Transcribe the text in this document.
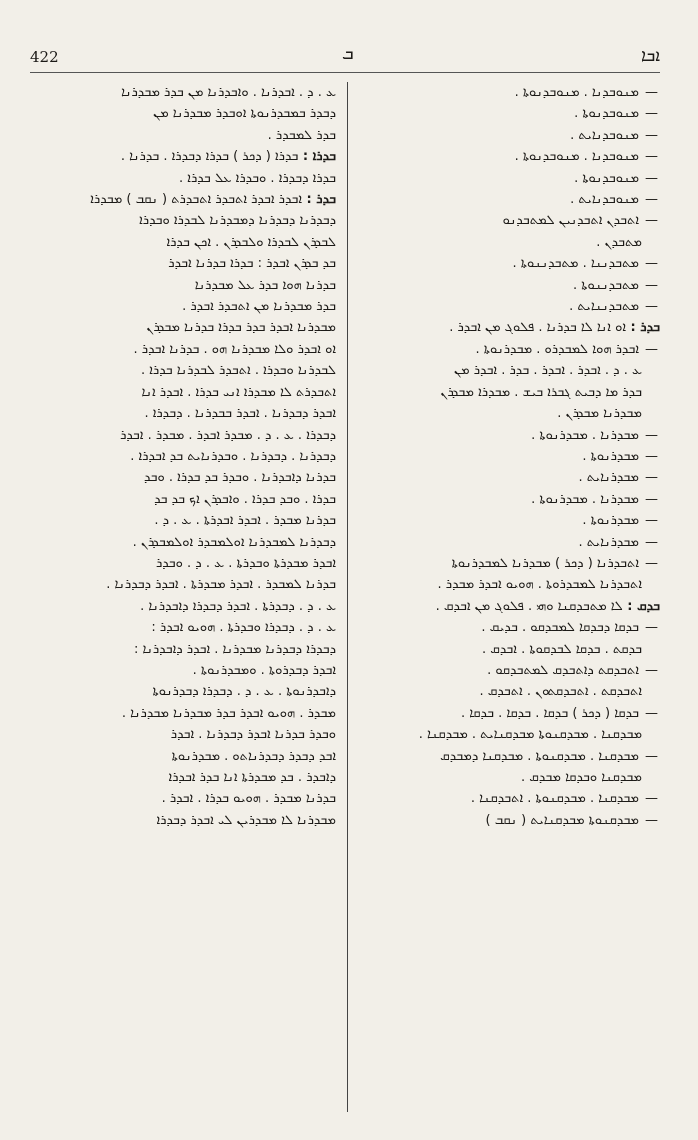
422	ܒ	ܐܒܐ

—ܡܢܘܒܕܢܐ . ܡܢܘܒܕܢܘܬܐ .

—ܡܢܘܒܕܢܘܬܐ .

—ܡܢܘܒܕܢܐܝܬ .

—ܡܢܘܒܕܢܐ . ܡܢܘܒܕܢܘܬܐ .

—ܡܢܘܒܕܢܘܬܐ .

—ܡܢܘܒܕܢܐܝܬ .

—ܐܬܒܕܢ ܐܬܒܕܢܝܢ ܠܡܬܒܕܢܘ

ܡܬܒܕܢ .

—ܡܬܒܕܢܢܐ . ܡܬܒܕܢܢܘܬܐ .

—ܡܬܒܕܢܢܘܬܐ .

—ܡܬܒܕܢܢܐܝܬ .

ܒܕܪ : ܐܘ ܐܢܐ ܠܐ ܒܕܪܢܐ . ܦܠܘܓ ܡܢ ܐܒܕܪ .

—ܐܒܕܪ ܗܘܐ ܠܡܒܕܪܘ . ܡܒܕܪܢܘܬܐ .

ܥ . ܕ . ܐܒܕܪ . ܐܒܕܪ . ܒܕܪ . ܐܒܕܪ ܡܢ

ܒܕܪ ܡܐ ܕܒܝܬ ܓܒܪܐ ܒܝܫ . ܡܒܕܪܐ ܡܒܕܪܢ

ܡܒܕܪܢܐ ܡܒܕܪܢ .

—ܡܒܕܪܢܐ . ܡܒܕܪܢܘܬܐ .

—ܡܒܕܪܢܘܬܐ .

—ܡܒܕܪܢܐܝܬ .

—ܡܒܕܪܢܐ . ܡܒܕܪܢܘܬܐ .

—ܡܒܕܪܢܘܬܐ .

—ܡܒܕܪܢܐܝܬ .

—ܐܬܒܕܪܢܐ ( ܕܟܪ ) ܡܒܕܪܢܐ ܠܡܒܕܪܢܘܬܐ

ܐܬܒܕܪܢܐ ܠܡܒܕܪܘܬܐ . ܗܘܝܘ ܐܒܕܪ ܡܒܕܪ .

ܒܕܩ : ܠܐ ܡܬܒܕܩܢܐ ܘܗܝ . ܦܠܘܓ ܡܢ ܐܒܕܩ .

—ܒܕܩܐ ܕܒܕܩܐ ܠܡܒܕܩܘ . ܒܕܝܩ .

ܒܕܩܬ . ܒܕܩܐ ܠܒܕܩܘܬܐ . ܐܒܕܩ .

—ܐܬܒܕܩܬ ܕܐܬܒܕܩ ܠܡܬܒܕܩܘ .

ܐܬܒܕܩܬ . ܐܬܒܕܩܬܘܢ . ܐܬܒܕܩ .

—ܒܕܩܐ ( ܕܟܪ ) ܒܕܩܐ . ܒܕܩܐ . ܒܕܩܐ .

ܡܒܕܩܢܐ . ܡܒܕܩܢܘܬܐ ܡܒܕܩܢܐܝܬ . ܡܒܕܩܢܐ .

—ܡܒܕܩܢܐ . ܡܒܕܩܢܘܬܐ . ܡܒܕܩܢܐ ܕܡܒܕܩ

ܡܒܕܩܢܐ ܘܒܕܩܐ ܡܒܕܩ .

—ܡܒܕܩܢܐ . ܡܒܕܩܢܘܬܐ . ܐܬܒܕܩܢܐ .

—ܡܒܕܩܢܘܬܐ ܡܒܕܩܢܐܝܬ ( ܢܩܒ )

ܥ . ܕ . ܐܒܕܪܢܐ . ܘܐܒܕܪܢܐ ܡܢ ܒܕܪ ܡܒܕܪܢܐ

ܕܒܕܪ ܒܡܒܕܪܢܘܬܐ ܐܘܒܕܪ ܡܒܕܪܢܐ ܡܢ

ܒܕܪ ܠܡܒܕܪ .

ܒܕܪܐ : ܒܕܪܐ ( ܕܟܪ ) ܒܕܪܐ ܕܒܕܪܐ . ܒܕܪܢܐ .

ܒܕܪܐ ܕܒܕܪܐ . ܘܒܕܪܐ ܥܠ ܒܕܪܐ .

ܒܕܪ : ܐܒܕܪ ܐܒܕܪ ܐܬܒܕܪ ܐܬܒܕܪܬ ( ܢܩܒ ) ܡܒܕܪܐ

ܕܒܕܪܢܐ ܕܒܕܪܢܐ ܕܡܒܕܪܢܐ ܠܒܕܪܐ ܘܒܕܪܐ

ܠܒܕܪܢ ܠܒܕܪܐ ܘܠܒܕܪܢ . ܐܟܢ ܒܕܪܐ

ܒܕ ܒܕܪܢ ܐܒܕܪ : ܒܕܪܐ ܒܕܪܢܐ ܐܒܕܪ

ܒܕܪܢܐ ܗܘܐ ܒܕܪ ܥܠ ܡܒܕܪܢܐ

ܒܕܪ ܡܒܕܪܢܐ ܡܢ ܐܬܒܕܪ ܐܒܕܪ .

ܡܒܕܪܢܐ ܐܒܕܪ ܒܕܪ ܒܕܪܐ ܒܕܪܢܐ ܡܒܕܪܢ

ܐܘ ܐܒܕܪ ܘܠܐ ܡܒܕܪܢܐ ܗܘ . ܒܕܪܢܐ ܐܒܕܪ .

ܠܒܕܪܢܐ ܘܒܕܪܐ . ܐܬܒܕܪ ܠܒܕܪܢܐ ܒܕܪܐ .

ܐܬܒܕܪܬ ܠܐ ܡܒܕܪܐ ܐܢܝ ܒܕܪܐ . ܐܒܕܪ ܐܢܐ

ܐܒܕܪ ܕܒܕܪܢܐ . ܐܒܕܪ ܒܒܕܪܢܐ . ܕܒܕܪܐ .

ܕܒܕܪܐ . ܥ . ܕ . ܡܒܕܪ ܐܒܕܪ . ܡܒܕܪ . ܐܒܕܪ

ܕܒܕܪܢܐ . ܕܒܕܪܢܐ . ܘܒܕܪܢܐܝܬ ܒܕ ܐܒܕܪܐ .

ܒܕܪܢܐ ܕܐܒܕܪܢܐ . ܘܒܕܪ ܒܕ ܒܕܪܐ . ܘܒܕ

ܒܕܪܐ . ܘܒܕ ܒܕܪܐ . ܘܐܒܕܪܢ ܐܟ ܒܕ ܒܕ

ܒܕܪܢܐ ܡܒܕܪ . ܐܒܕܪ ܐܒܕܪܬܐ . ܥ . ܕ .

ܕܒܕܪܢܐ ܠܡܒܕܪܢܐ ܐܘܠܡܒܕܪ ܐܘܠܡܒܕܪܢ .

ܐܒܕܪ ܡܒܕܪܬܐ ܘܒܕܪܬܐ . ܥ . ܕ . ܘܒܕܪ

ܒܕܪܢܐ ܠܡܒܕܪ . ܐܒܕܪ ܡܒܕܪܬܐ . ܐܒܕܪ ܕܒܕܪܢܐ .

ܥ . ܕ . ܕܒܕܪܬܐ . ܐܒܕܪ ܕܒܕܪܐ ܕܐܒܕܪܢܐ .

ܥ . ܕ . ܕܒܕܪܐ ܘܒܕܪܬܐ . ܗܘܝܘ ܐܒܕܪ :

ܕܒܕܪܐ ܕܒܕܪܢܐ ܡܒܕܪܢܐ . ܐܒܕܪ ܕܐܒܕܪܢܐ :

ܐܒܕܪ ܕܒܕܪܘܬܐ . ܘܡܒܕܪܢܘܬܐ .

ܕܐܒܕܪܢܘܬܐ . ܥ . ܕ . ܕܒܕܪܐ ܕܒܕܪܢܘܬܐ

ܡܒܕܪ . ܗܘܝܘ ܐܒܕܪ ܒܕܪ ܡܒܕܪܢܐ ܡܒܕܪܢܐ .

ܘܒܕܪ ܒܕܪܢܐ ܐܒܕܪ ܕܒܕܪܢܐ . ܐܒܕܪ

ܐܒܕ ܕܒܕܪ ܕܒܕܪܢܐܬܘ . ܡܒܕܪܢܘܬܐ

ܕܐܒܕܪ . ܒܕ ܡܒܕܪܬܐ ܐܢܐ ܒܕܪ ܐܒܕܪܐ

ܒܕܪܢܐ ܡܒܕܪ . ܗܘܝܘ ܒܕܪܐ . ܐܒܕܪ .

ܡܒܕܪܢܐ ܠܐ ܡܒܕܪܝܢ ܠܝ ܐܒܕܪ ܕܒܕܪܐ
